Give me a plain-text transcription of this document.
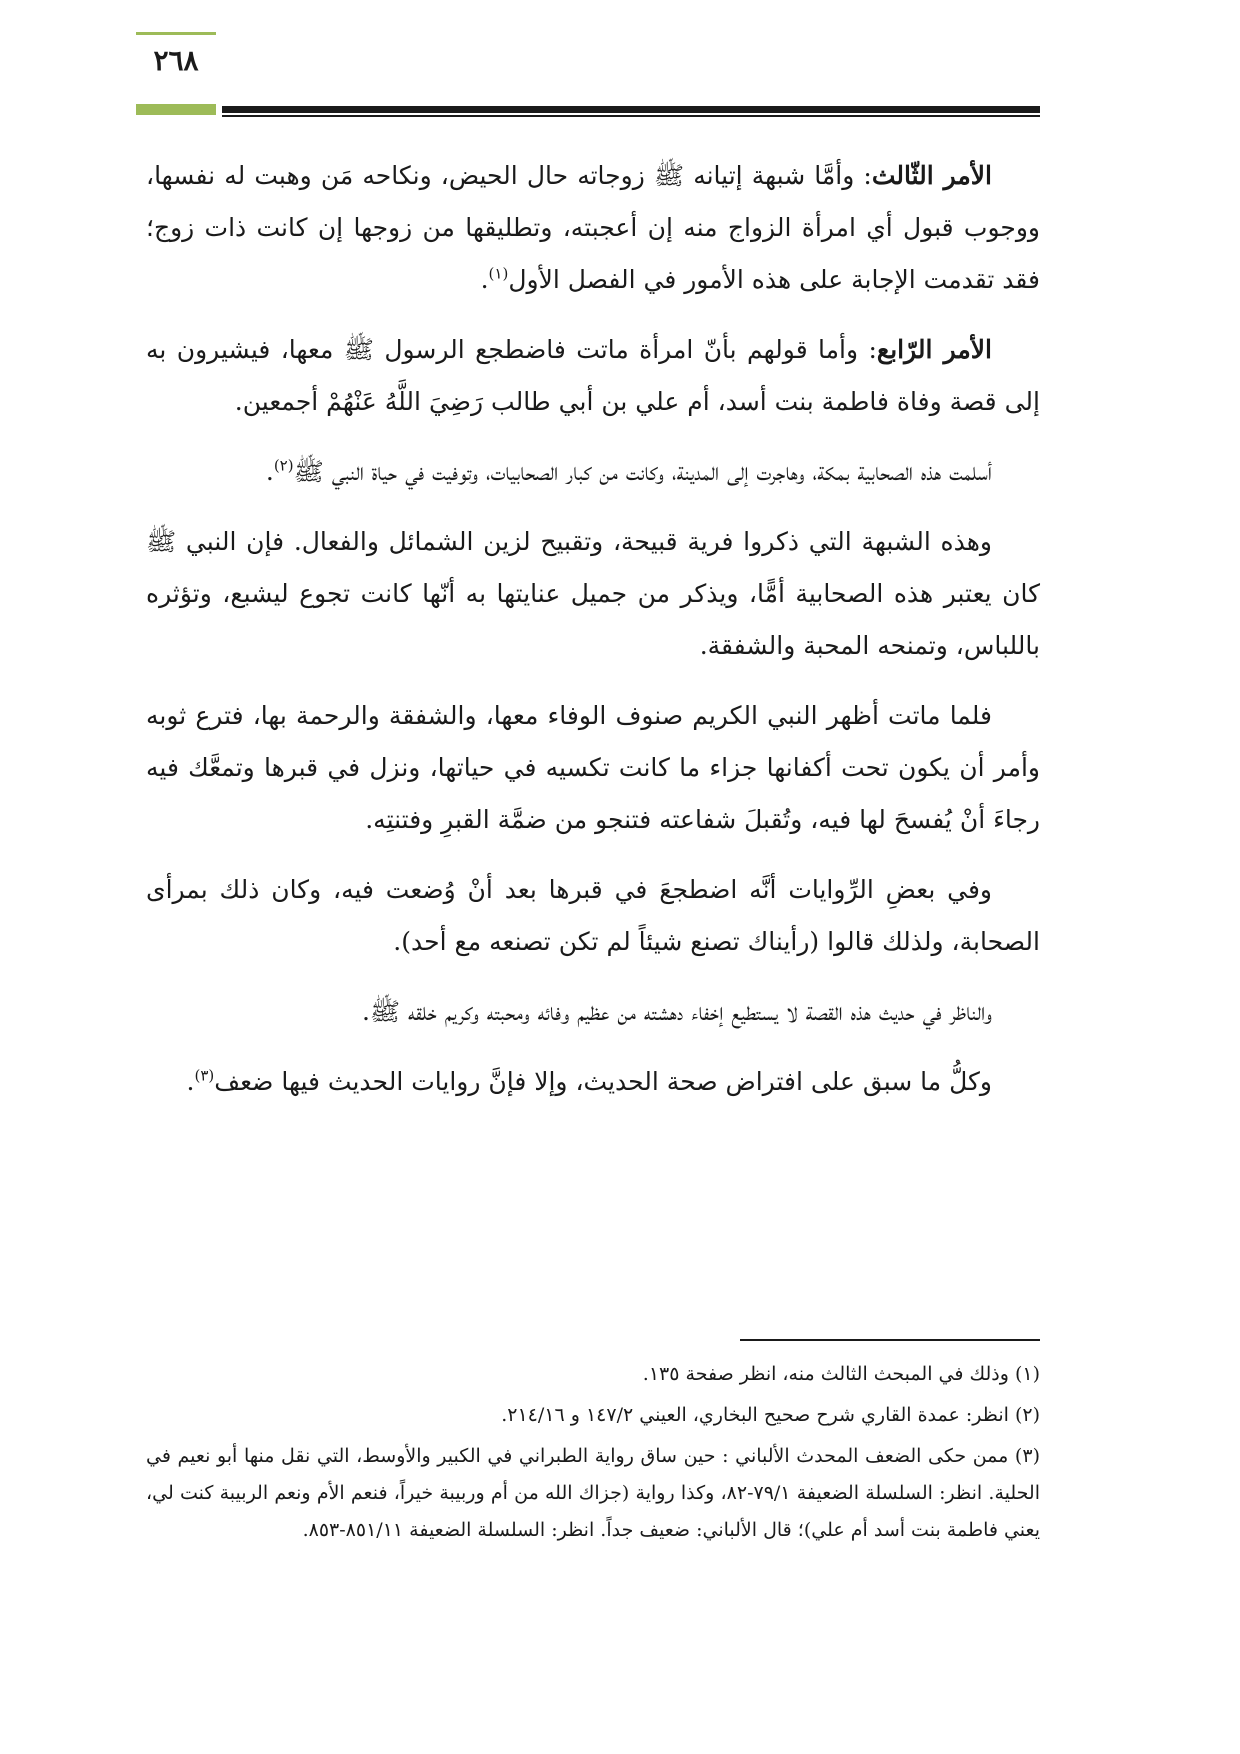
٢٦٨

الأمر الثّالث: وأمَّا شبهة إتيانه ﷺ زوجاته حال الحيض، ونكاحه مَن وهبت له نفسها، ووجوب قبول أي امرأة الزواج منه إن أعجبته، وتطليقها من زوجها إن كانت ذات زوج؛ فقد تقدمت الإجابة على هذه الأمور في الفصل الأول$^{(١)}$.

الأمر الرّابع: وأما قولهم بأنّ امرأة ماتت فاضطجع الرسول ﷺ معها، فيشيرون به إلى قصة وفاة فاطمة بنت أسد، أم علي بن أبي طالب رَضِيَ اللَّهُ عَنْهُمْ أجمعين.

أسلمت هذه الصحابية بمكة، وهاجرت إلى المدينة، وكانت من كبار الصحابيات، وتوفيت في حياة النبي ﷺ$^{(٢)}$.

وهذه الشبهة التي ذكروا فرية قبيحة، وتقبيح لزين الشمائل والفعال. فإن النبي ﷺ كان يعتبر هذه الصحابية أمًّا، ويذكر من جميل عنايتها به أنّها كانت تجوع ليشبع، وتؤثره باللباس، وتمنحه المحبة والشفقة.

فلما ماتت أظهر النبي الكريم صنوف الوفاء معها، والشفقة والرحمة بها، فترع ثوبه وأمر أن يكون تحت أكفانها جزاء ما كانت تكسيه في حياتها، ونزل في قبرها وتمعَّك فيه رجاءَ أنْ يُفسحَ لها فيه، وتُقبلَ شفاعته فتنجو من ضمَّة القبرِ وفتنتِه.

وفي بعضِ الرِّوايات أنَّه اضطجعَ في قبرها بعد أنْ وُضعت فيه، وكان ذلك بمرأى الصحابة، ولذلك قالوا (رأيناك تصنع شيئاً لم تكن تصنعه مع أحد).

والناظر في حديث هذه القصة لا يستطيع إخفاء دهشته من عظيم وفائه ومحبته وكريم خلقه ﷺ.

وكلُّ ما سبق على افتراض صحة الحديث، وإلا فإنَّ روايات الحديث فيها ضعف$^{(٣)}$.

(١) وذلك في المبحث الثالث منه، انظر صفحة ١٣٥.

(٢) انظر: عمدة القاري شرح صحيح البخاري، العيني ١٤٧/٢ و ٢١٤/١٦.

(٣) ممن حكى الضعف المحدث الألباني : حين ساق رواية الطبراني في الكبير والأوسط، التي نقل منها أبو نعيم في الحلية. انظر: السلسلة الضعيفة ٧٩/١-٨٢، وكذا رواية (جزاك الله من أم وربيبة خيراً، فنعم الأم ونعم الربيبة كنت لي، يعني فاطمة بنت أسد أم علي)؛ قال الألباني: ضعيف جداً. انظر: السلسلة الضعيفة ٨٥١/١١-٨٥٣.
